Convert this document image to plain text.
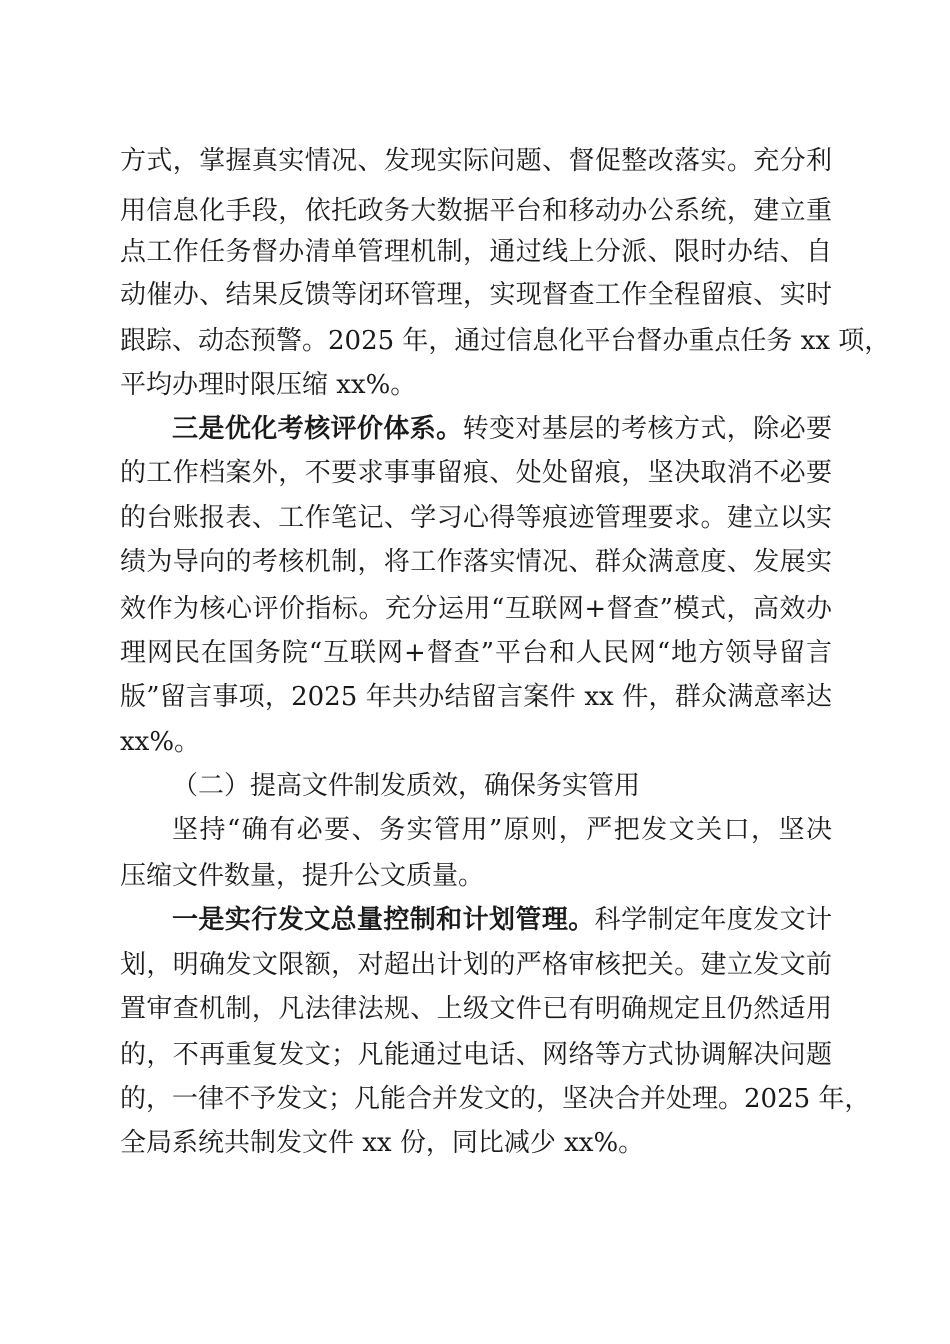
方式，掌握真实情况、发现实际问题、督促整改落实。充分利
用信息化手段，依托政务大数据平台和移动办公系统，建立重
点工作任务督办清单管理机制，通过线上分派、限时办结、自
动催办、结果反馈等闭环管理，实现督查工作全程留痕、实时
跟踪、动态预警。2025 年，通过信息化平台督办重点任务 xx 项，
平均办理时限压缩 xx%。
三是优化考核评价体系。转变对基层的考核方式，除必要
的工作档案外，不要求事事留痕、处处留痕，坚决取消不必要
的台账报表、工作笔记、学习心得等痕迹管理要求。建立以实
绩为导向的考核机制，将工作落实情况、群众满意度、发展实
效作为核心评价指标。充分运用“互联网+督查”模式，高效办
理网民在国务院“互联网+督查”平台和人民网“地方领导留言
版”留言事项，2025 年共办结留言案件 xx 件，群众满意率达
xx%。
（二）提高文件制发质效，确保务实管用
坚持“确有必要、务实管用”原则，严把发文关口，坚决
压缩文件数量，提升公文质量。
一是实行发文总量控制和计划管理。科学制定年度发文计
划，明确发文限额，对超出计划的严格审核把关。建立发文前
置审查机制，凡法律法规、上级文件已有明确规定且仍然适用
的，不再重复发文；凡能通过电话、网络等方式协调解决问题
的，一律不予发文；凡能合并发文的，坚决合并处理。2025 年，
全局系统共制发文件 xx 份，同比减少 xx%。
